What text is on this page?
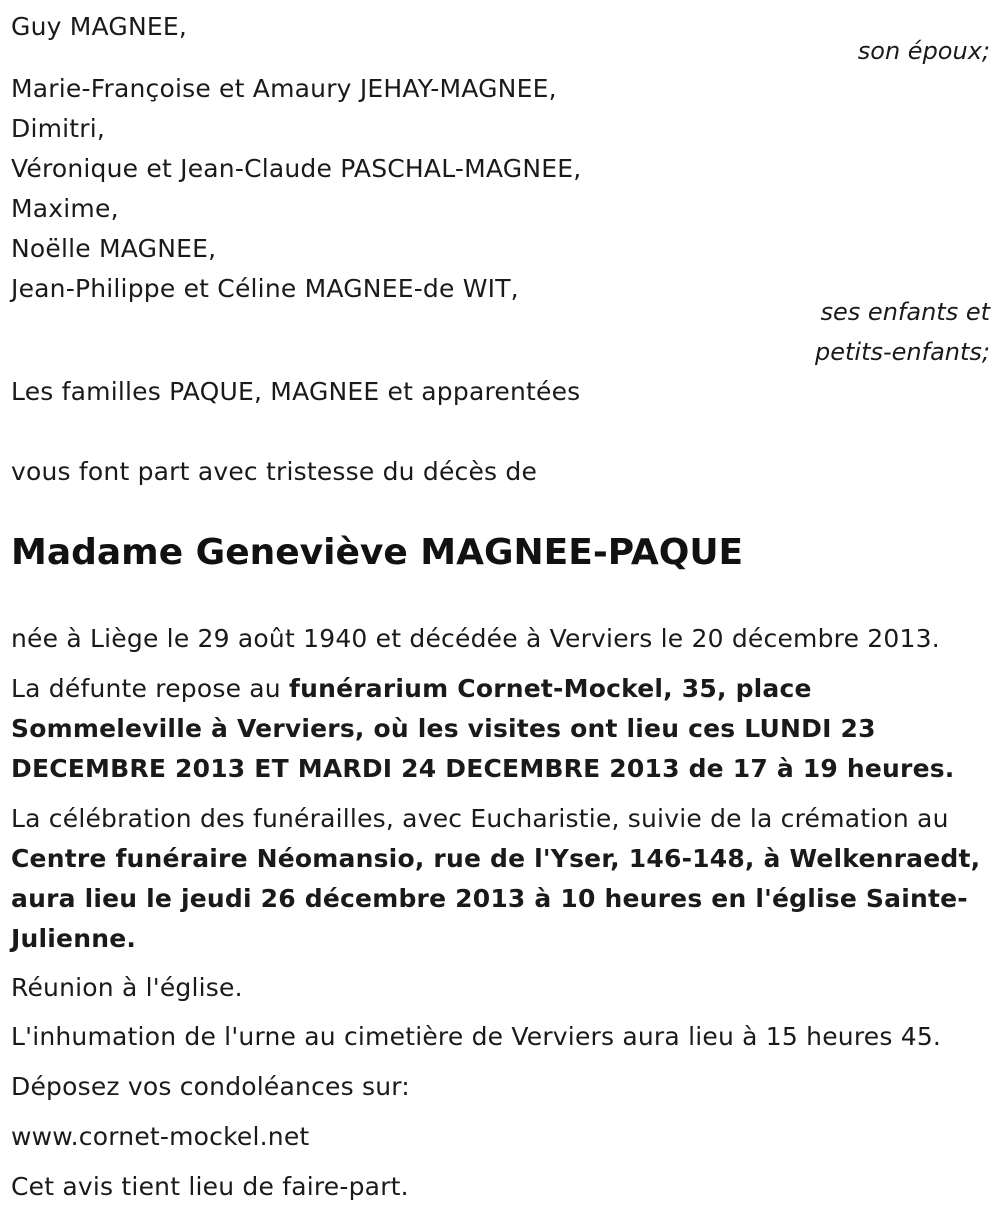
Guy MAGNEE,
son époux;
Marie-Françoise et Amaury JEHAY-MAGNEE,
Dimitri,
Véronique et Jean-Claude PASCHAL-MAGNEE,
Maxime,
Noëlle MAGNEE,
Jean-Philippe et Céline MAGNEE-de WIT,
ses enfants et
petits-enfants;
Les familles PAQUE, MAGNEE et apparentées
vous font part avec tristesse du décès de
Madame Geneviève MAGNEE-PAQUE
née à Liège le 29 août 1940 et décédée à Verviers le 20 décembre 2013.
La défunte repose au funérarium Cornet-Mockel, 35, place
Sommeleville à Verviers, où les visites ont lieu ces LUNDI 23
DECEMBRE 2013 ET MARDI 24 DECEMBRE 2013 de 17 à 19 heures.
La célébration des funérailles, avec Eucharistie, suivie de la crémation au
Centre funéraire Néomansio, rue de l'Yser, 146-148, à Welkenraedt,
aura lieu le jeudi 26 décembre 2013 à 10 heures en l'église Sainte-
Julienne.
Réunion à l'église.
L'inhumation de l'urne au cimetière de Verviers aura lieu à 15 heures 45.
Déposez vos condoléances sur:
www.cornet-mockel.net
Cet avis tient lieu de faire-part.
